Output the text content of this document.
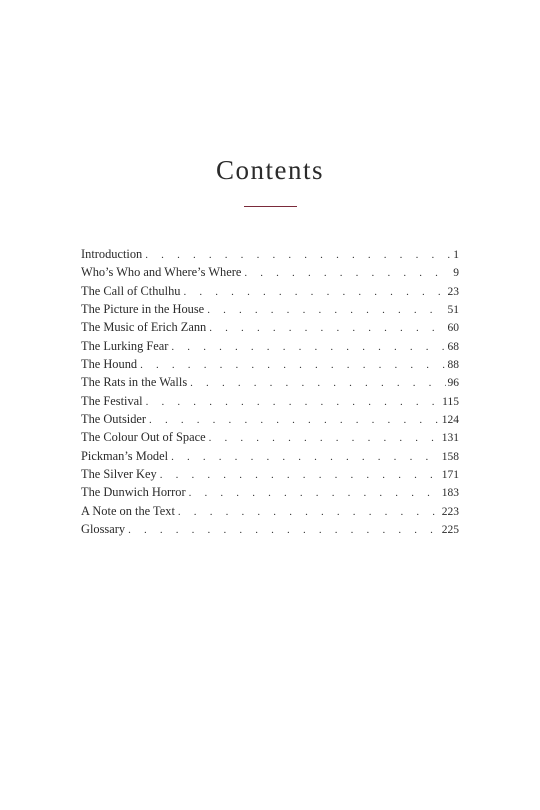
Contents
Introduction . . .	1
Who’s Who and Where’s Where . . .	9
The Call of Cthulhu . . .	23
The Picture in the House . . .	51
The Music of Erich Zann . . .	60
The Lurking Fear . . .	68
The Hound . . .	88
The Rats in the Walls . . .	96
The Festival . . .	115
The Outsider . . .	124
The Colour Out of Space . . .	131
Pickman’s Model . . .	158
The Silver Key . . .	171
The Dunwich Horror . . .	183
A Note on the Text . . .	223
Glossary . . .	225
